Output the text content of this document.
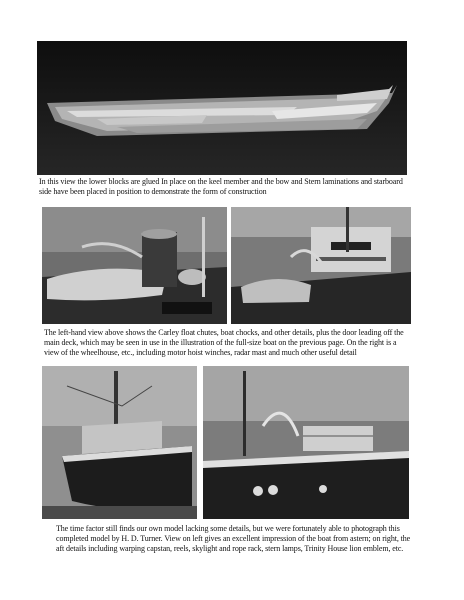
In this view the lower blocks are glued In place on the keel member and the bow and Stern laminations and starboard side have been placed in position to demonstrate the form of construction
The left-hand view above shows the Carley float chutes, boat chocks, and other details, plus the door leading off the main deck, which may be seen in use in the illustration of the full-size boat on the previous page. On the right is a view of the wheelhouse, etc., including motor hoist winches, radar mast and much other useful detail
The time factor still finds our own model lacking some details, but we were fortunately able to photograph this completed model by H. D. Turner. View on left gives an excellent impression of the boat from astern; on right, the aft details including warping capstan, reels, skylight and rope rack, stern lamps, Trinity House lion emblem, etc.
